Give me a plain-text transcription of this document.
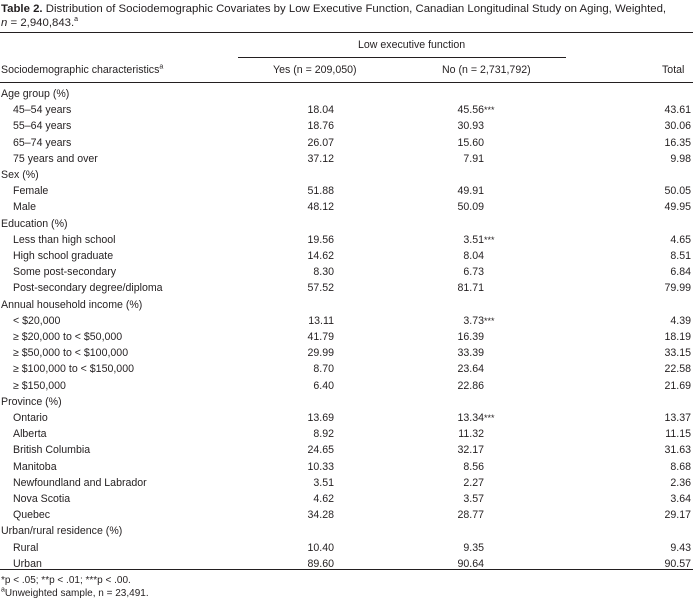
Table 2. Distribution of Sociodemographic Covariates by Low Executive Function, Canadian Longitudinal Study on Aging, Weighted,
n = 2,940,843.$^a$
Low executive function
Sociodemographic characteristics$^a$	Yes (n = 209,050)	No (n = 2,731,792)	Total
Age group (%)
45–54 years	18.04	45.56 ***	43.61
55–64 years	18.76	30.93	30.06
65–74 years	26.07	15.60	16.35
75 years and over	37.12	7.91	9.98
Sex (%)
Female	51.88	49.91	50.05
Male	48.12	50.09	49.95
Education (%)
Less than high school	19.56	3.51 ***	4.65
High school graduate	14.62	8.04	8.51
Some post-secondary	8.30	6.73	6.84
Post-secondary degree/diploma	57.52	81.71	79.99
Annual household income (%)
< $20,000	13.11	3.73 ***	4.39
≥ $20,000 to < $50,000	41.79	16.39	18.19
≥ $50,000 to < $100,000	29.99	33.39	33.15
≥ $100,000 to < $150,000	8.70	23.64	22.58
≥ $150,000	6.40	22.86	21.69
Province (%)
Ontario	13.69	13.34 ***	13.37
Alberta	8.92	11.32	11.15
British Columbia	24.65	32.17	31.63
Manitoba	10.33	8.56	8.68
Newfoundland and Labrador	3.51	2.27	2.36
Nova Scotia	4.62	3.57	3.64
Quebec	34.28	28.77	29.17
Urban/rural residence (%)
Rural	10.40	9.35	9.43
Urban	89.60	90.64	90.57
*p < .05; **p < .01; ***p < .00.
$^a$Unweighted sample, n = 23,491.
